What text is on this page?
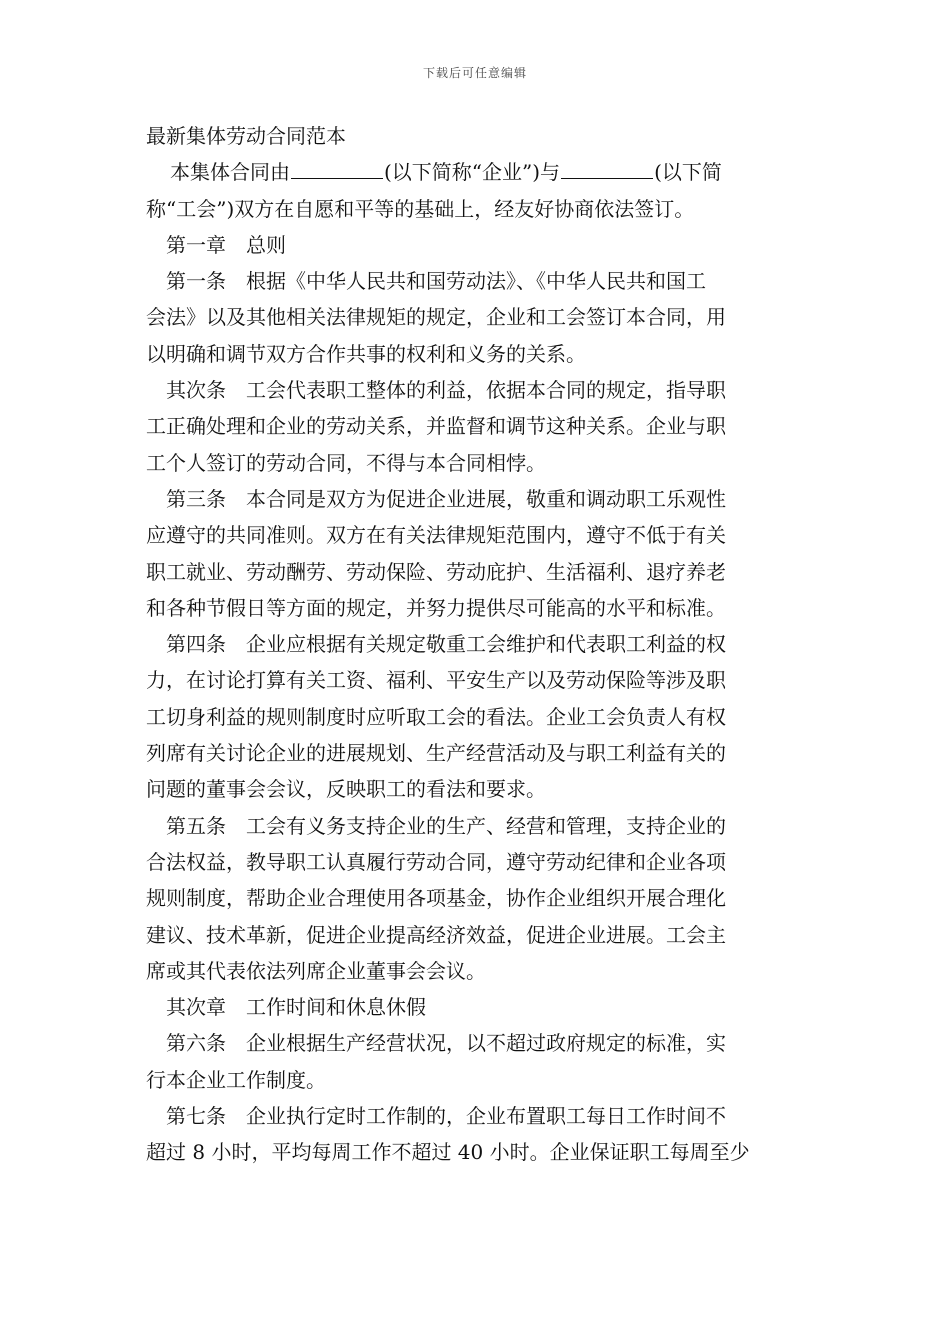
下载后可任意编辑
最新集体劳动合同范本
本集体合同由	(以下简称“企业”)与	(以下简
称“工会”)双方在自愿和平等的基础上，经友好协商依法签订。
第一章　总则
第一条　根据《中华人民共和国劳动法》、《中华人民共和国工
会法》以及其他相关法律规矩的规定，企业和工会签订本合同，用
以明确和调节双方合作共事的权利和义务的关系。
其次条　工会代表职工整体的利益，依据本合同的规定，指导职
工正确处理和企业的劳动关系，并监督和调节这种关系。企业与职
工个人签订的劳动合同，不得与本合同相悖。
第三条　本合同是双方为促进企业进展，敬重和调动职工乐观性
应遵守的共同准则。双方在有关法律规矩范围内，遵守不低于有关
职工就业、劳动酬劳、劳动保险、劳动庇护、生活福利、退疗养老
和各种节假日等方面的规定，并努力提供尽可能高的水平和标准。
第四条　企业应根据有关规定敬重工会维护和代表职工利益的权
力，在讨论打算有关工资、福利、平安生产以及劳动保险等涉及职
工切身利益的规则制度时应听取工会的看法。企业工会负责人有权
列席有关讨论企业的进展规划、生产经营活动及与职工利益有关的
问题的董事会会议，反映职工的看法和要求。
第五条　工会有义务支持企业的生产、经营和管理，支持企业的
合法权益，教导职工认真履行劳动合同，遵守劳动纪律和企业各项
规则制度，帮助企业合理使用各项基金，协作企业组织开展合理化
建议、技术革新，促进企业提高经济效益，促进企业进展。工会主
席或其代表依法列席企业董事会会议。
其次章　工作时间和休息休假
第六条　企业根据生产经营状况，以不超过政府规定的标准，实
行本企业工作制度。
第七条　企业执行定时工作制的，企业布置职工每日工作时间不
超过 8 小时，平均每周工作不超过 40 小时。企业保证职工每周至少
